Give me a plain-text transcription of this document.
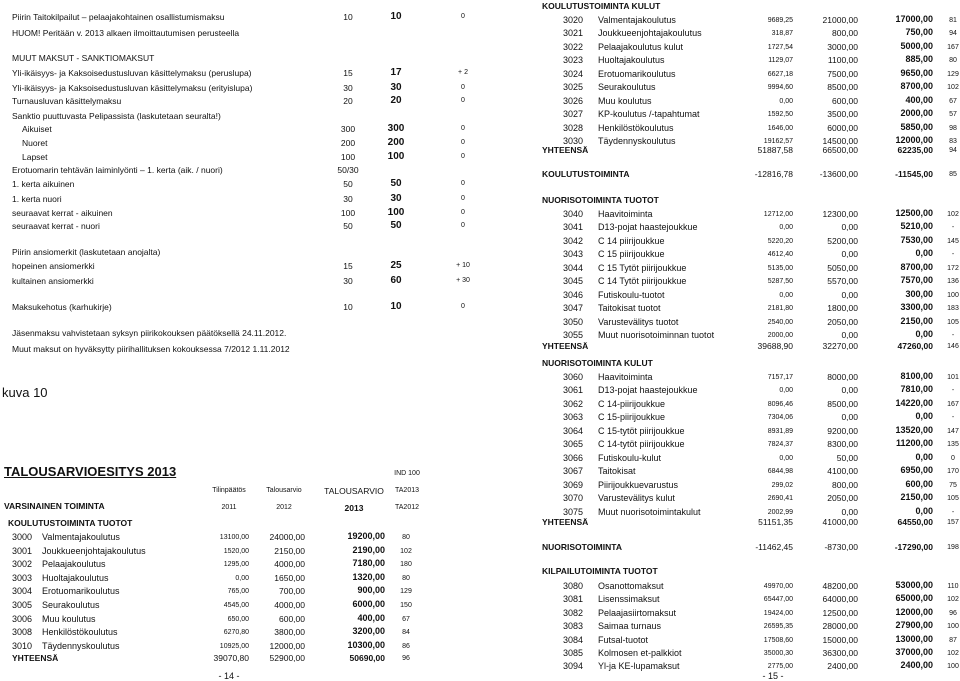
Piirin Taitokilpailut – pelaajakohtainen osallistumismaksu	10	10	0
HUOM! Peritään v. 2013 alkaen ilmoittautumisen perusteella
MUUT MAKSUT - SANKTIOMAKSUT
Yli-ikäisyys- ja Kaksoisedustusluvan käsittelymaksu (peruslupa)	15	17	+ 2
Yli-ikäisyys- ja Kaksoisedustusluvan käsittelymaksu (erityislupa)	30	30	0
Turnausluvan käsittelymaksu	20	20	0
Sanktio puuttuvasta Pelipassista (laskutetaan seuralta!)
Aikuiset	300	300	0
Nuoret	200	200	0
Lapset	100	100	0
Erotuomarin tehtävän laiminlyönti – 1. kerta (aik. / nuori)	50/30
1. kerta aikuinen	50	50	0
1. kerta nuori	30	30	0
seuraavat kerrat - aikuinen	100	100	0
seuraavat kerrat - nuori	50	50	0
Piirin ansiomerkit (laskutetaan anojalta)
hopeinen ansiomerkki	15	25	+ 10
kultainen ansiomerkki	30	60	+ 30
Maksukehotus (karhukirje)	10	10	0
Jäsenmaksu vahvistetaan syksyn piirikokouksen päätöksellä 24.11.2012.
Muut maksut on hyväksytty piirihallituksen kokouksessa 7/2012 1.11.2012
kuva 10
TALOUSARVIOESITYS 2013	IND 100
Tilinpäätös	Talousarvio	TALOUSARVIO	TA2013
VARSINAINEN TOIMINTA	2011	2012	2013	TA2012
KOULUTUSTOIMINTA TUOTOT
3000 Valmentajakoulutus	13100,00	24000,00	19200,00	80
3001 Joukkueenjohtajakoulutus	1520,00	2150,00	2190,00	102
3002 Pelaajakoulutus	1295,00	4000,00	7180,00	180
3003 Huoltajakoulutus	0,00	1650,00	1320,00	80
3004 Erotuomarikoulutus	765,00	700,00	900,00	129
3005 Seurakoulutus	4545,00	4000,00	6000,00	150
3006 Muu koulutus	650,00	600,00	400,00	67
3008 Henkilöstökoulutus	6270,80	3800,00	3200,00	84
3010 Täydennyskoulutus	10925,00	12000,00	10300,00	86
YHTEENSÄ	39070,80	52900,00	50690,00	96
- 14 -
KOULUTUSTOIMINTA KULUT
3020 Valmentajakoulutus	9689,25	21000,00	17000,00	81
3021 Joukkueenjohtajakoulutus	318,87	800,00	750,00	94
3022 Pelaajakoulutus kulut	1727,54	3000,00	5000,00	167
3023 Huoltajakoulutus	1129,07	1100,00	885,00	80
3024 Erotuomarikoulutus	6627,18	7500,00	9650,00	129
3025 Seurakoulutus	9994,60	8500,00	8700,00	102
3026 Muu koulutus	0,00	600,00	400,00	67
3027 KP-koulutus /-tapahtumat	1592,50	3500,00	2000,00	57
3028 Henkilöstökoulutus	1646,00	6000,00	5850,00	98
3030 Täydennyskoulutus	19162,57	14500,00	12000,00	83
YHTEENSÄ	51887,58	66500,00	62235,00	94
KOULUTUSTOIMINTA	-12816,78	-13600,00	-11545,00	85
NUORISOTOIMINTA TUOTOT
3040 Haavitoiminta	12712,00	12300,00	12500,00	102
3041 D13-pojat haastejoukkue	0,00	0,00	5210,00	-
3042 C 14 piirijoukkue	5220,20	5200,00	7530,00	145
3043 C 15 piirijoukkue	4612,40	0,00	0,00	-
3044 C 15 Tytöt piirijoukkue	5135,00	5050,00	8700,00	172
3045 C 14 Tytöt piirijoukkue	5287,50	5570,00	7570,00	136
3046 Futiskoulu-tuotot	0,00	0,00	300,00	100
3047 Taitokisat tuotot	2181,80	1800,00	3300,00	183
3050 Varustevälitys tuotot	2540,00	2050,00	2150,00	105
3055 Muut nuorisotoiminnan tuotot	2000,00	0,00	0,00	-
YHTEENSÄ	39688,90	32270,00	47260,00	146
NUORISOTOIMINTA KULUT
3060 Haavitoiminta	7157,17	8000,00	8100,00	101
3061 D13-pojat haastejoukkue	0,00	0,00	7810,00	-
3062 C 14-piirijoukkue	8096,46	8500,00	14220,00	167
3063 C 15-piirijoukkue	7304,06	0,00	0,00	-
3064 C 15-tytöt piirijoukkue	8931,89	9200,00	13520,00	147
3065 C 14-tytöt piirijoukkue	7824,37	8300,00	11200,00	135
3066 Futiskoulu-kulut	0,00	50,00	0,00	0
3067 Taitokisat	6844,98	4100,00	6950,00	170
3069 Piirijoukkuevarustus	299,02	800,00	600,00	75
3070 Varustevälitys kulut	2690,41	2050,00	2150,00	105
3075 Muut nuorisotoimintakulut	2002,99	0,00	0,00	-
YHTEENSÄ	51151,35	41000,00	64550,00	157
NUORISOTOIMINTA	-11462,45	-8730,00	-17290,00	198
KILPAILUTOIMINTA TUOTOT
3080 Osanottomaksut	49970,00	48200,00	53000,00	110
3081 Lisenssimaksut	65447,00	64000,00	65000,00	102
3082 Pelaajasiirtomaksut	19424,00	12500,00	12000,00	96
3083 Saimaa turnaus	26595,35	28000,00	27900,00	100
3084 Futsal-tuotot	17508,60	15000,00	13000,00	87
3085 Kolmosen et-palkkiot	35000,30	36300,00	37000,00	102
3094 Yl-ja KE-lupamaksut	2775,00	2400,00	2400,00	100
- 15 -
